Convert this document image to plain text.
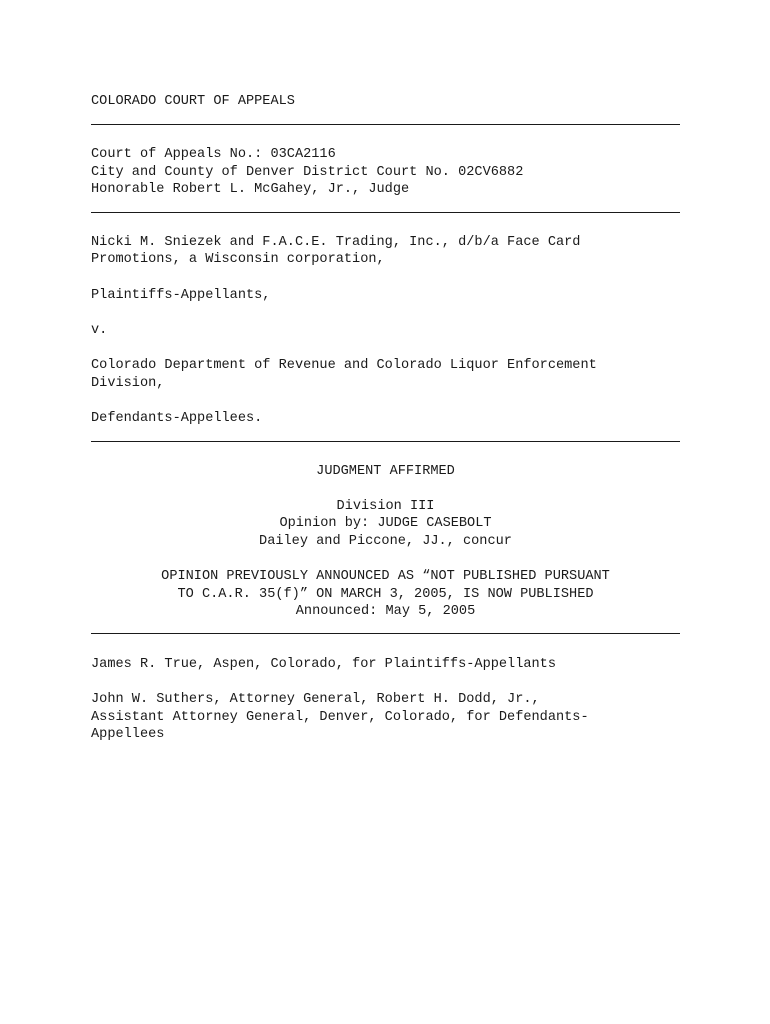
COLORADO COURT OF APPEALS
Court of Appeals No.: 03CA2116
City and County of Denver District Court No. 02CV6882
Honorable Robert L. McGahey, Jr., Judge
Nicki M. Sniezek and F.A.C.E. Trading, Inc., d/b/a Face Card
Promotions, a Wisconsin corporation,
Plaintiffs-Appellants,
v.
Colorado Department of Revenue and Colorado Liquor Enforcement
Division,
Defendants-Appellees.
JUDGMENT AFFIRMED
Division III
Opinion by: JUDGE CASEBOLT
Dailey and Piccone, JJ., concur
OPINION PREVIOUSLY ANNOUNCED AS “NOT PUBLISHED PURSUANT
TO C.A.R. 35(f)” ON MARCH 3, 2005, IS NOW PUBLISHED
Announced: May 5, 2005
James R. True, Aspen, Colorado, for Plaintiffs-Appellants
John W. Suthers, Attorney General, Robert H. Dodd, Jr.,
Assistant Attorney General, Denver, Colorado, for Defendants-
Appellees
